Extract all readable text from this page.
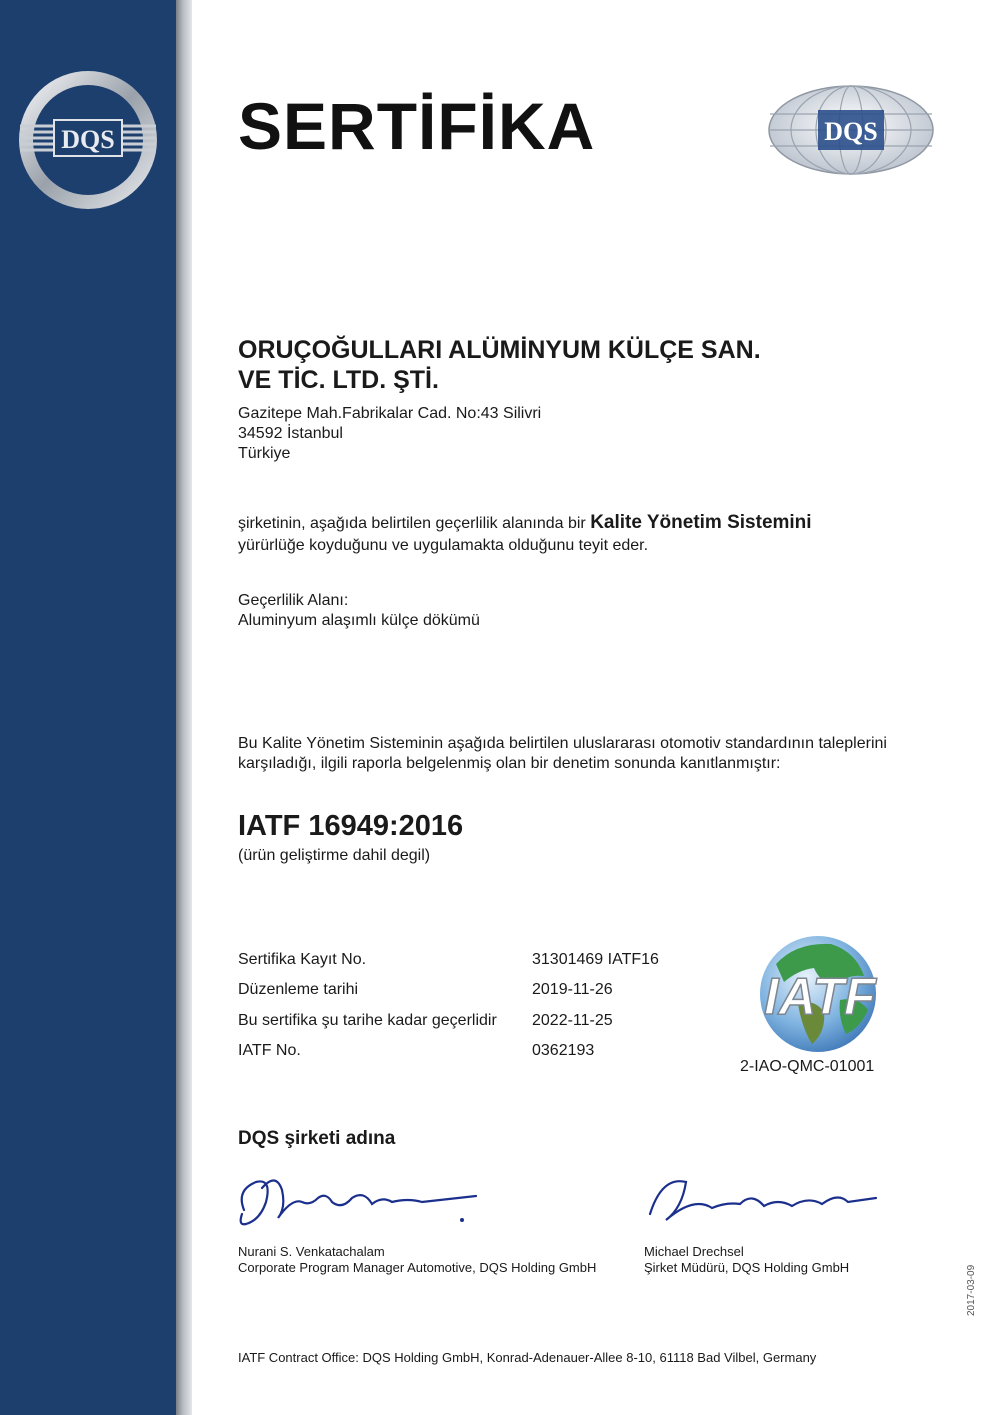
DQS	DQS
SERTİFİKA
ORUÇOĞULLARI ALÜMİNYUM KÜLÇE SAN.
VE TİC. LTD. ŞTİ.
Gazitepe Mah.Fabrikalar Cad. No:43 Silivri
34592 İstanbul
Türkiye
şirketinin, aşağıda belirtilen geçerlilik alanında bir Kalite Yönetim Sistemini
yürürlüğe koyduğunu ve uygulamakta olduğunu teyit eder.
Geçerlilik Alanı:
Aluminyum alaşımlı külçe dökümü
Bu Kalite Yönetim Sisteminin aşağıda belirtilen uluslararası otomotiv standardının taleplerini
karşıladığı, ilgili raporla belgelenmiş olan bir denetim sonunda kanıtlanmıştır:
IATF 16949:2016
(ürün geliştirme dahil degil)
Sertifika Kayıt No.	31301469 IATF16
Düzenleme tarihi	2019-11-26
Bu sertifika şu tarihe kadar geçerlidir 2022-11-25
IATF No.	0362193
IATF
2-IAO-QMC-01001
DQS şirketi adına
Nurani S. Venkatachalam
Corporate Program Manager Automotive, DQS Holding GmbH
Michael Drechsel
Şirket Müdürü, DQS Holding GmbH
IATF Contract Office: DQS Holding GmbH, Konrad-Adenauer-Allee 8-10, 61118 Bad Vilbel, Germany
2017-03-09
